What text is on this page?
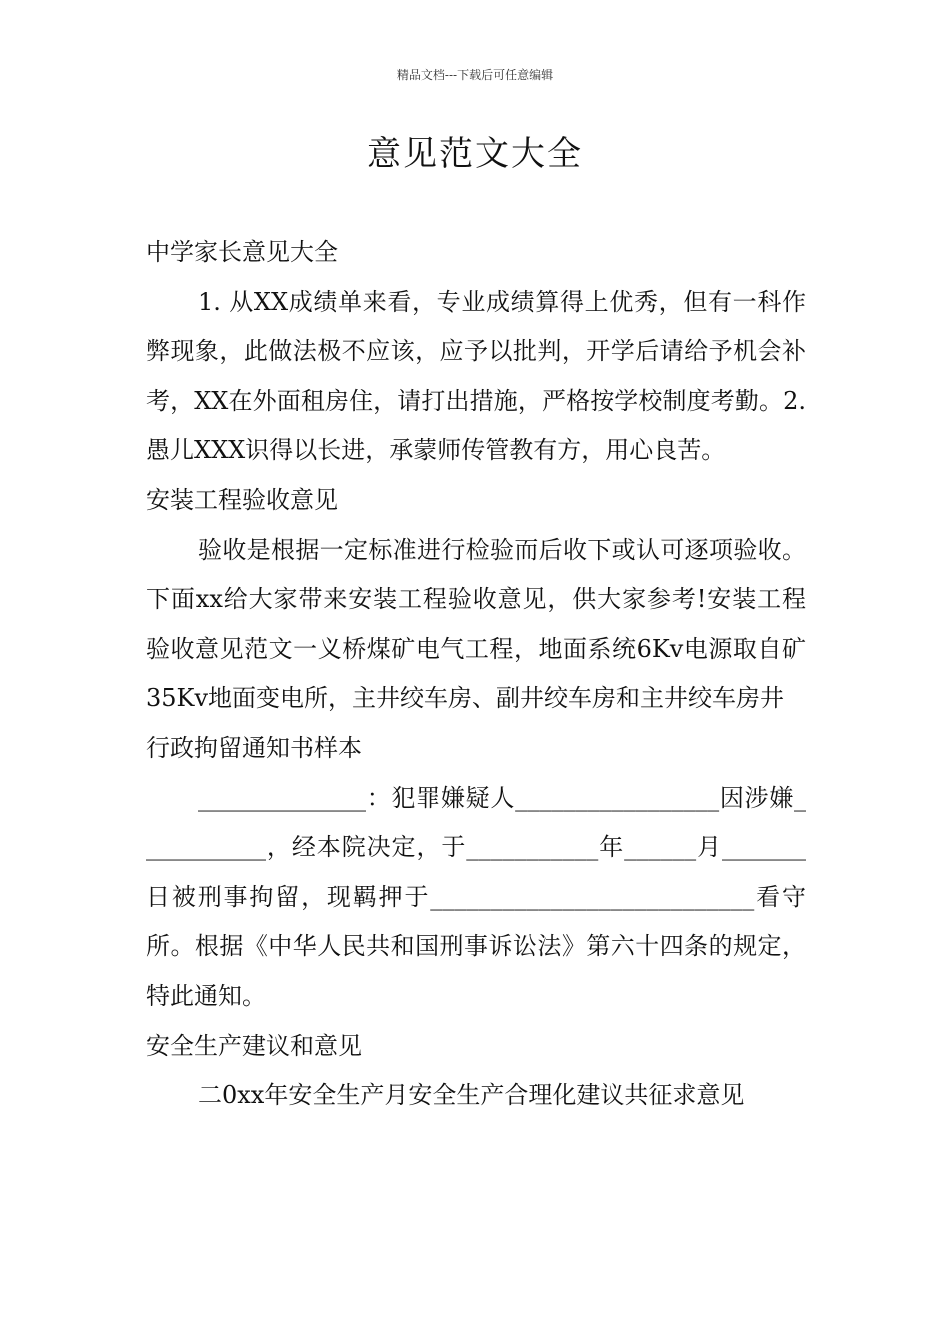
精品文档---下载后可任意编辑
意见范文大全

中学家长意见大全

1. 从XX成绩单来看，专业成绩算得上优秀，但有一科作弊现象，此做法极不应该，应予以批判，开学后请给予机会补考，XX在外面租房住，请打出措施，严格按学校制度考勤。2. 愚儿XXX识得以长进，承蒙师传管教有方，用心良苦。

安装工程验收意见

验收是根据一定标准进行检验而后收下或认可逐项验收。下面xx给大家带来安装工程验收意见，供大家参考!安装工程验收意见范文一义桥煤矿电气工程，地面系统6Kv电源取自矿35Kv地面变电所，主井绞车房、副井绞车房和主井绞车房井

行政拘留通知书样本

______________：犯罪嫌疑人_________________因涉嫌___________，经本院决定，于___________年______月_______日被刑事拘留，现羁押于___________________________看守所。根据《中华人民共和国刑事诉讼法》第六十四条的规定，特此通知。

安全生产建议和意见

二0xx年安全生产月安全生产合理化建议共征求意见
